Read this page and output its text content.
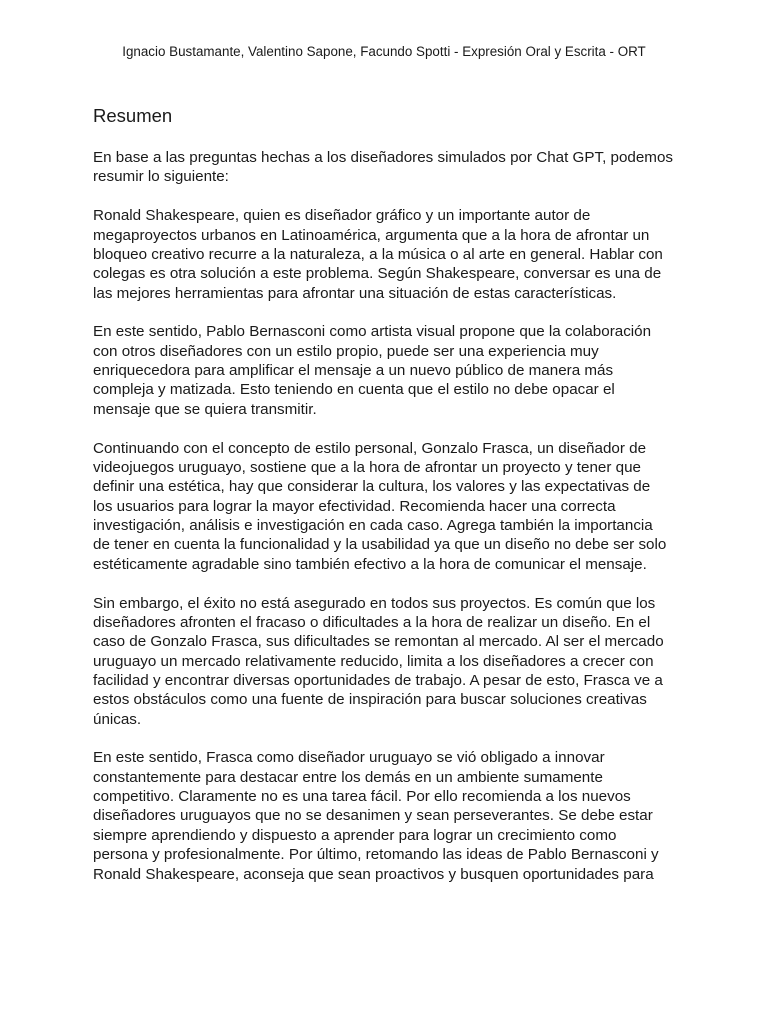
Ignacio Bustamante, Valentino Sapone, Facundo Spotti - Expresión Oral y Escrita - ORT
Resumen

En base a las preguntas hechas a los diseñadores simulados por Chat GPT, podemos resumir lo siguiente:

Ronald Shakespeare, quien es diseñador gráfico y un importante autor de megaproyectos urbanos en Latinoamérica, argumenta que a la hora de afrontar un bloqueo creativo recurre a la naturaleza, a la música o al arte en general. Hablar con colegas es otra solución a este problema. Según Shakespeare, conversar es una de las mejores herramientas para afrontar una situación de estas características.

En este sentido, Pablo Bernasconi como artista visual propone que la colaboración con otros diseñadores con un estilo propio, puede ser una experiencia muy enriquecedora para amplificar el mensaje a un nuevo público de manera más compleja y matizada. Esto teniendo en cuenta que el estilo no debe opacar el mensaje que se quiera transmitir.

Continuando con el concepto de estilo personal, Gonzalo Frasca, un diseñador de videojuegos uruguayo, sostiene que a la hora de afrontar un proyecto y tener que definir una estética, hay que considerar la cultura, los valores y las expectativas de los usuarios para lograr la mayor efectividad. Recomienda hacer una correcta investigación, análisis e investigación en cada caso. Agrega también la importancia de tener en cuenta la funcionalidad y la usabilidad ya que un diseño no debe ser solo estéticamente agradable sino también efectivo a la hora de comunicar el mensaje.

Sin embargo, el éxito no está asegurado en todos sus proyectos. Es común que los diseñadores afronten el fracaso o dificultades a la hora de realizar un diseño. En el caso de Gonzalo Frasca, sus dificultades se remontan al mercado. Al ser el mercado uruguayo un mercado relativamente reducido, limita a los diseñadores a crecer con facilidad y encontrar diversas oportunidades de trabajo. A pesar de esto, Frasca ve a estos obstáculos como una fuente de inspiración para buscar soluciones creativas únicas.

En este sentido, Frasca como diseñador uruguayo se vió obligado a innovar constantemente para destacar entre los demás en un ambiente sumamente competitivo. Claramente no es una tarea fácil. Por ello recomienda a los nuevos diseñadores uruguayos que no se desanimen y sean perseverantes. Se debe estar siempre aprendiendo y dispuesto a aprender para lograr un crecimiento como persona y profesionalmente. Por último, retomando las ideas de Pablo Bernasconi y Ronald Shakespeare, aconseja que sean proactivos y busquen oportunidades para
